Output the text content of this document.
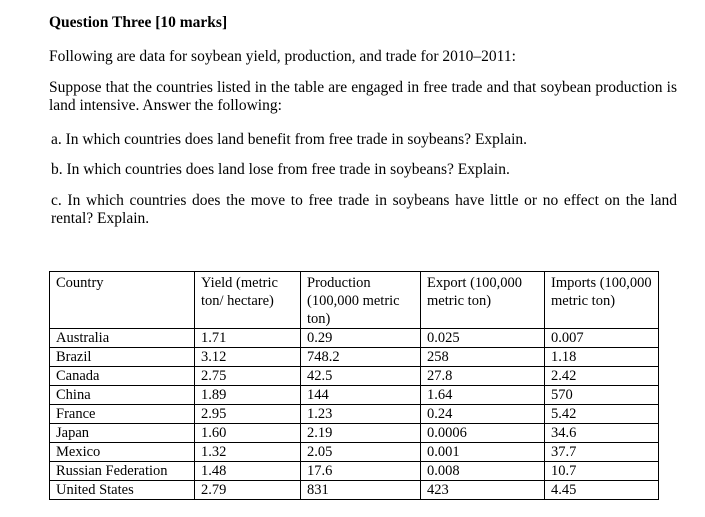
Question Three [10 marks]
Following are data for soybean yield, production, and trade for 2010–2011:
Suppose that the countries listed in the table are engaged in free trade and that soybean production is land intensive. Answer the following:
a. In which countries does land benefit from free trade in soybeans? Explain.
b. In which countries does land lose from free trade in soybeans? Explain.
c. In which countries does the move to free trade in soybeans have little or no effect on the land rental? Explain.
Country	Yield (metric ton/ hectare)	Production (100,000 metric ton)	Export (100,000 metric ton)	Imports (100,000 metric ton)
Australia	1.71	0.29	0.025	0.007
Brazil	3.12	748.2	258	1.18
Canada	2.75	42.5	27.8	2.42
China	1.89	144	1.64	570
France	2.95	1.23	0.24	5.42
Japan	1.60	2.19	0.0006	34.6
Mexico	1.32	2.05	0.001	37.7
Russian Federation	1.48	17.6	0.008	10.7
United States	2.79	831	423	4.45
